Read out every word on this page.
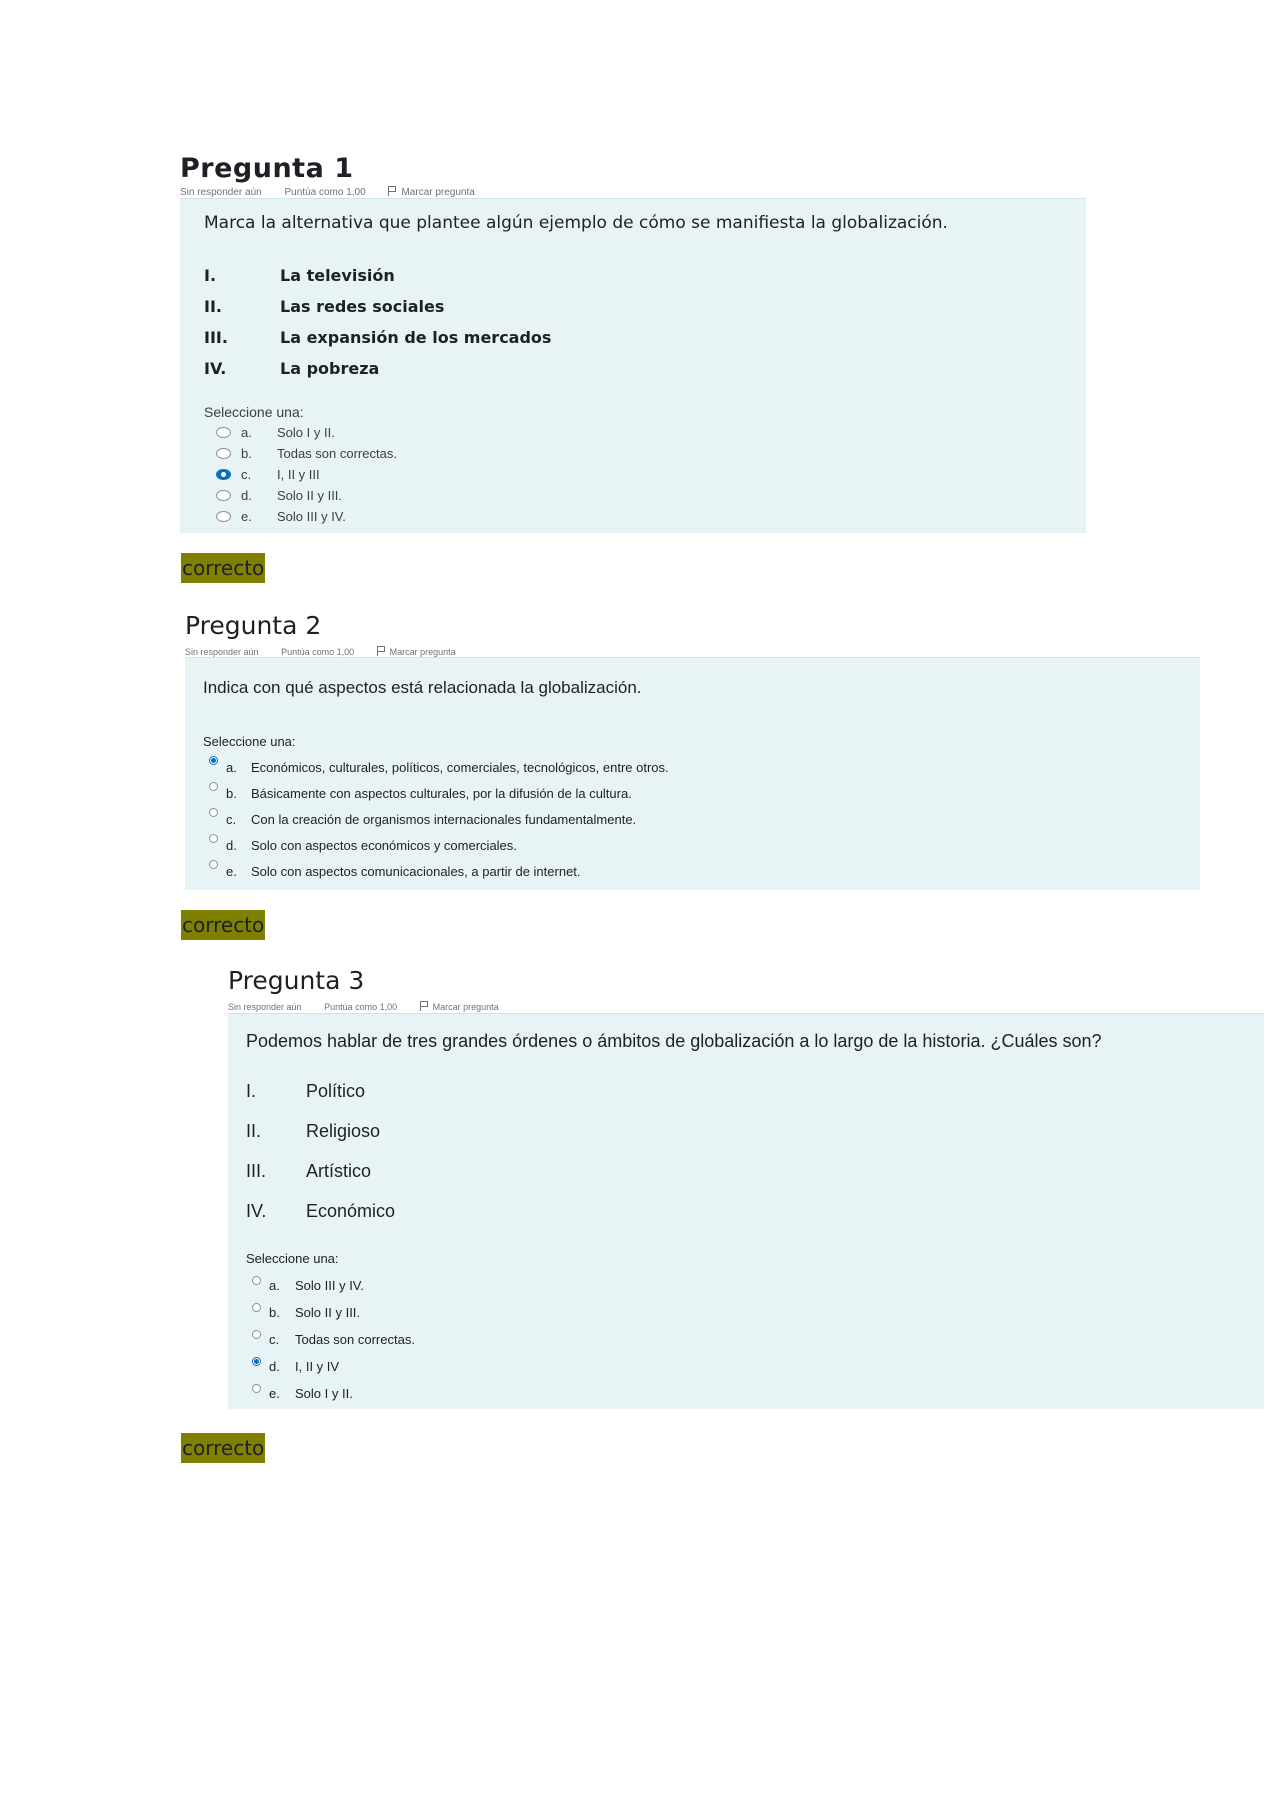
Pregunta 1
Sin responder aún Puntúa como 1,00	Marcar pregunta
Marca la alternativa que plantee algún ejemplo de cómo se manifiesta la globalización.
I.	La televisión
II.	Las redes sociales
III.	La expansión de los mercados
IV.	La pobreza
Seleccione una:
a.	Solo I y II.
b.	Todas son correctas.
c.	I, II y III
d.	Solo II y III.
e.	Solo III y IV.
correcto
Pregunta 2
Sin responder aún	Puntúa como 1,00	Marcar pregunta
Indica con qué aspectos está relacionada la globalización.
Seleccione una:
a.	Económicos, culturales, políticos, comerciales, tecnológicos, entre otros.
b.	Básicamente con aspectos culturales, por la difusión de la cultura.
c.	Con la creación de organismos internacionales fundamentalmente.
d.	Solo con aspectos económicos y comerciales.
e.	Solo con aspectos comunicacionales, a partir de internet.
correcto
Pregunta 3
Sin responder aún	Puntúa como 1,00	Marcar pregunta
Podemos hablar de tres grandes órdenes o ámbitos de globalización a lo largo de la historia. ¿Cuáles son?
I.	Político
II. Religioso
III. Artístico
IV. Económico
Seleccione una:
a.	Solo III y IV.
b.	Solo II y III.
c.	Todas son correctas.
d.	I, II y IV
e.	Solo I y II.
correcto
